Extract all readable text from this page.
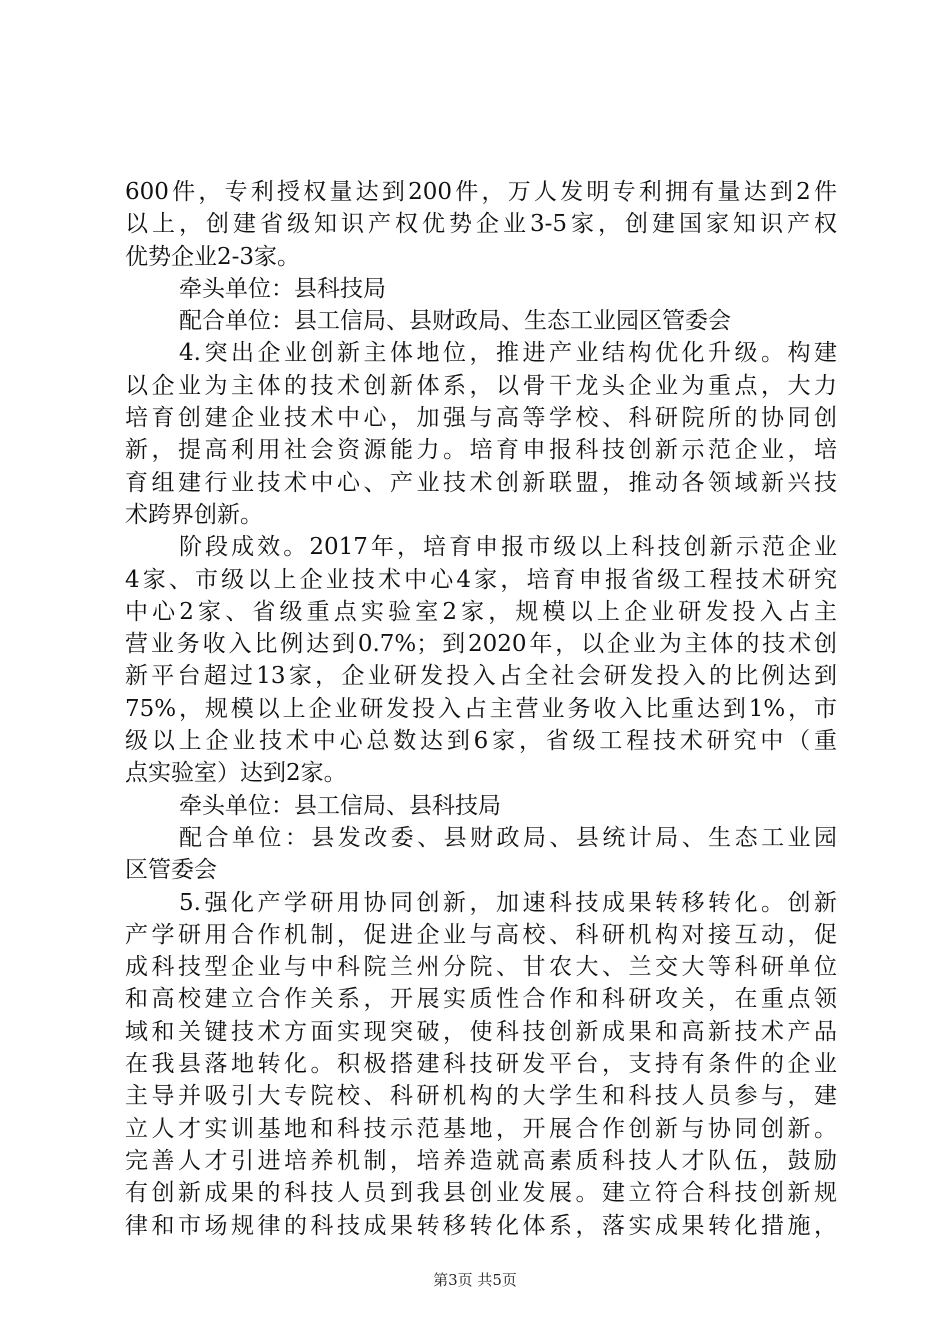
600件，专利授权量达到200件，万人发明专利拥有量达到2件
以上，创建省级知识产权优势企业3-5家，创建国家知识产权
优势企业2-3家。
牵头单位：县科技局
配合单位：县工信局、县财政局、生态工业园区管委会
4.突出企业创新主体地位，推进产业结构优化升级。构建
以企业为主体的技术创新体系，以骨干龙头企业为重点，大力
培育创建企业技术中心，加强与高等学校、科研院所的协同创
新，提高利用社会资源能力。培育申报科技创新示范企业，培
育组建行业技术中心、产业技术创新联盟，推动各领域新兴技
术跨界创新。
阶段成效。2017年，培育申报市级以上科技创新示范企业
4家、市级以上企业技术中心4家，培育申报省级工程技术研究
中心2家、省级重点实验室2家，规模以上企业研发投入占主
营业务收入比例达到0.7%；到2020年，以企业为主体的技术创
新平台超过13家，企业研发投入占全社会研发投入的比例达到
75%，规模以上企业研发投入占主营业务收入比重达到1%，市
级以上企业技术中心总数达到6家，省级工程技术研究中（重
点实验室）达到2家。
牵头单位：县工信局、县科技局
配合单位：县发改委、县财政局、县统计局、生态工业园
区管委会
5.强化产学研用协同创新，加速科技成果转移转化。创新
产学研用合作机制，促进企业与高校、科研机构对接互动，促
成科技型企业与中科院兰州分院、甘农大、兰交大等科研单位
和高校建立合作关系，开展实质性合作和科研攻关，在重点领
域和关键技术方面实现突破，使科技创新成果和高新技术产品
在我县落地转化。积极搭建科技研发平台，支持有条件的企业
主导并吸引大专院校、科研机构的大学生和科技人员参与，建
立人才实训基地和科技示范基地，开展合作创新与协同创新。
完善人才引进培养机制，培养造就高素质科技人才队伍，鼓励
有创新成果的科技人员到我县创业发展。建立符合科技创新规
律和市场规律的科技成果转移转化体系，落实成果转化措施，
第3页 共5页
